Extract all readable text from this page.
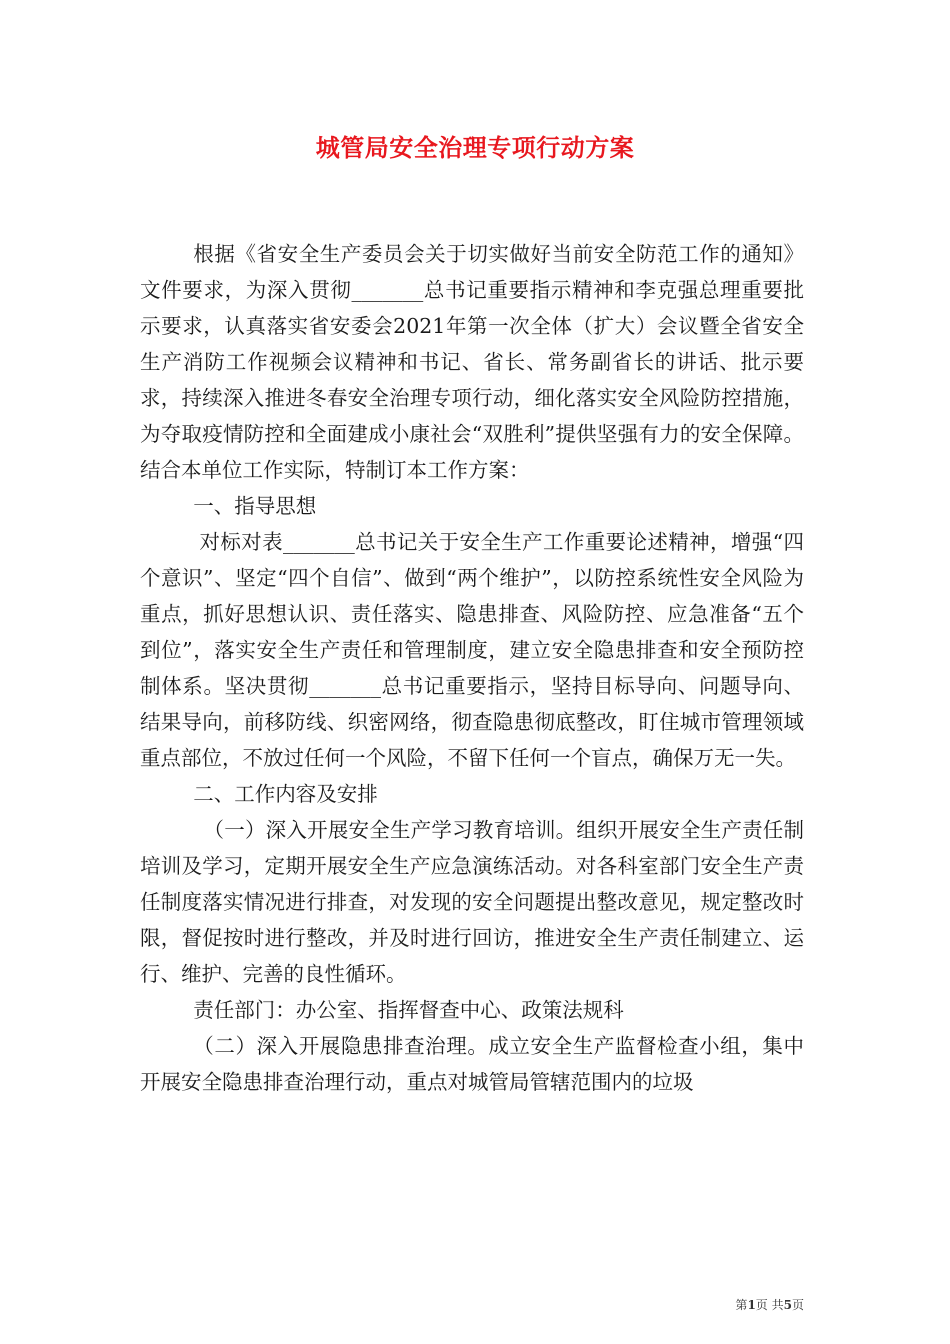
城管局安全治理专项行动方案

根据《省安全生产委员会关于切实做好当前安全防范工作的通知》文件要求，为深入贯彻_______总书记重要指示精神和李克强总理重要批示要求，认真落实省安委会2021年第一次全体（扩大）会议暨全省安全生产消防工作视频会议精神和书记、省长、常务副省长的讲话、批示要求，持续深入推进冬春安全治理专项行动，细化落实安全风险防控措施，为夺取疫情防控和全面建成小康社会“双胜利”提供坚强有力的安全保障。结合本单位工作实际，特制订本工作方案：

一、指导思想

对标对表_______总书记关于安全生产工作重要论述精神，增强“四个意识”、坚定“四个自信”、做到“两个维护”，以防控系统性安全风险为重点，抓好思想认识、责任落实、隐患排查、风险防控、应急准备“五个到位”，落实安全生产责任和管理制度，建立安全隐患排查和安全预防控制体系。坚决贯彻_______总书记重要指示，坚持目标导向、问题导向、结果导向，前移防线、织密网络，彻查隐患彻底整改，盯住城市管理领域重点部位，不放过任何一个风险，不留下任何一个盲点，确保万无一失。

二、工作内容及安排

（一）深入开展安全生产学习教育培训。组织开展安全生产责任制培训及学习，定期开展安全生产应急演练活动。对各科室部门安全生产责任制度落实情况进行排查，对发现的安全问题提出整改意见，规定整改时限，督促按时进行整改，并及时进行回访，推进安全生产责任制建立、运行、维护、完善的良性循环。

责任部门：办公室、指挥督查中心、政策法规科

（二）深入开展隐患排查治理。成立安全生产监督检查小组，集中开展安全隐患排查治理行动，重点对城管局管辖范围内的垃圾

第1页 共5页
